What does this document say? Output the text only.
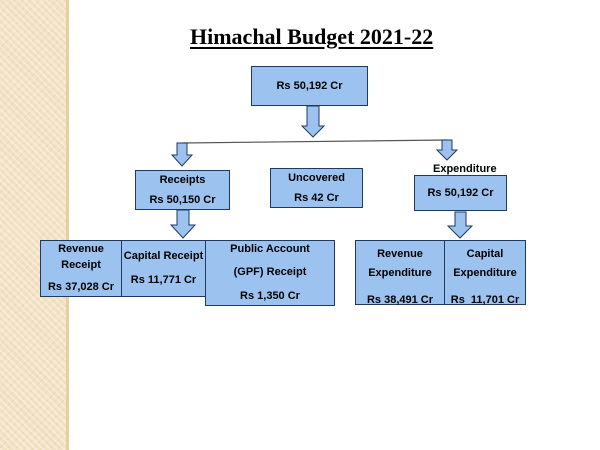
Himachal Budget 2021-22
Rs 50,192 Cr
Receipts
Rs 50,150 Cr
Uncovered
Rs 42 Cr
Expenditure
Rs 50,192 Cr
Revenue
Receipt
Rs 37,028 Cr
Capital Receipt
Rs 11,771 Cr
Public Account
(GPF) Receipt
Rs 1,350 Cr
Revenue
Expenditure
Rs 38,491 Cr
Capital
Expenditure
Rs  11,701 Cr
